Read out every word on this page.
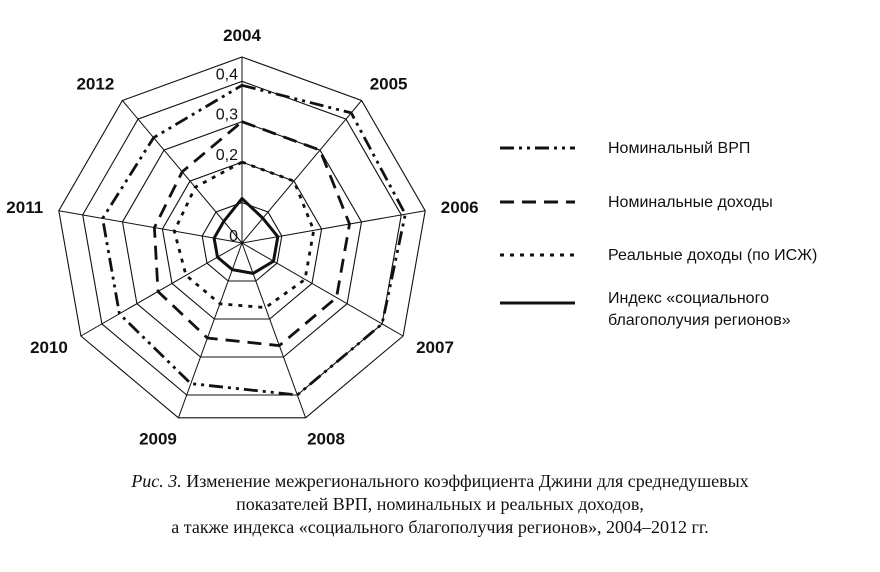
0
0,2
0,3
0,4
2004
2005
2006
2007
2008
2009
2010
2011
2012
Номинальный ВРП
Номинальные доходы
Реальные доходы (по ИСЖ)
Индекс «социального благополучия регионов»
Рис. 3. Изменение межрегионального коэффициента Джини для среднедушевых
показателей ВРП, номинальных и реальных доходов,
а также индекса «социального благополучия регионов», 2004–2012 гг.
